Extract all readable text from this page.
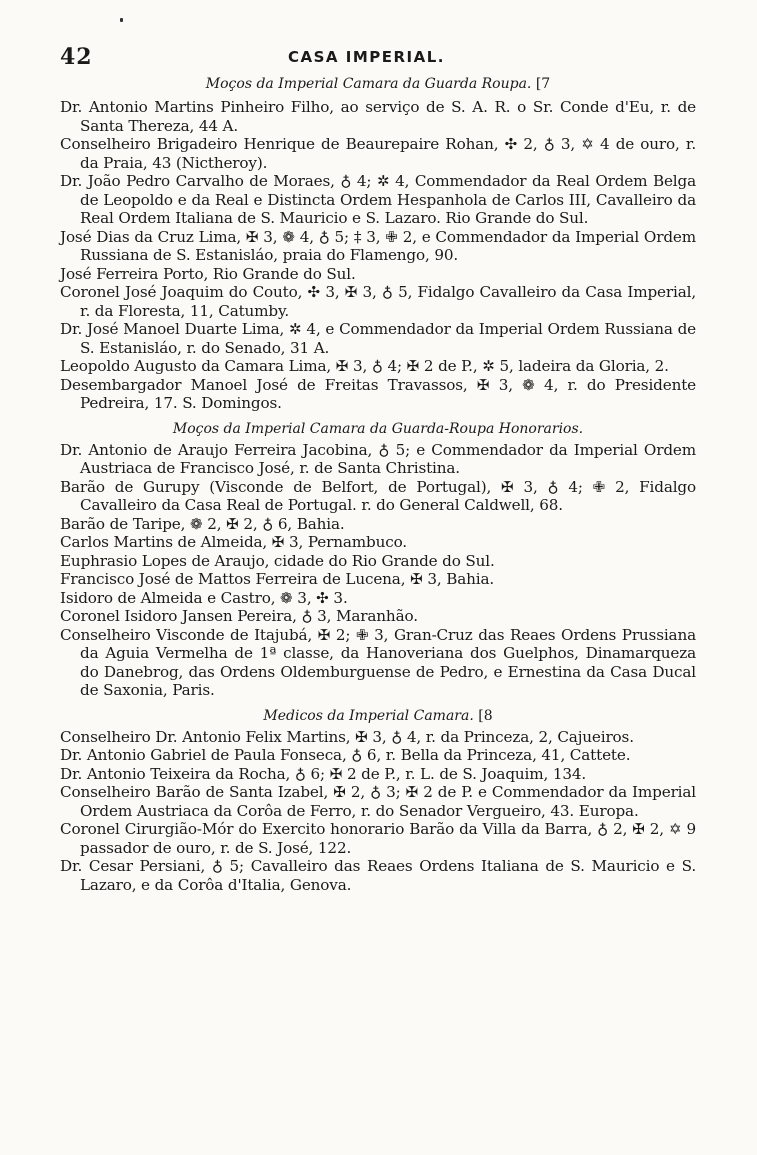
42	CASA IMPERIAL.

Moços da Imperial Camara da Guarda Roupa. [7

Dr. Antonio Martins Pinheiro Filho, ao serviço de S. A. R. o Sr. Conde d'Eu, r. de Santa Thereza, 44 A.

Conselheiro Brigadeiro Henrique de Beaurepaire Rohan, ✣ 2, ♁ 3, ✡ 4 de ouro, r. da Praia, 43 (Nictheroy).

Dr. João Pedro Carvalho de Moraes, ♁ 4; ✲ 4, Commendador da Real Ordem Belga de Leopoldo e da Real e Distincta Ordem Hespanhola de Carlos III, Cavalleiro da Real Ordem Italiana de S. Mauricio e S. Lazaro. Rio Grande do Sul.

José Dias da Cruz Lima, ✠ 3, ❁ 4, ♁ 5; ‡ 3, ✙ 2, e Commendador da Imperial Ordem Russiana de S. Estanisláo, praia do Flamengo, 90.

José Ferreira Porto, Rio Grande do Sul.

Coronel José Joaquim do Couto, ✣ 3, ✠ 3, ♁ 5, Fidalgo Cavalleiro da Casa Imperial, r. da Floresta, 11, Catumby.

Dr. José Manoel Duarte Lima, ✲ 4, e Commendador da Imperial Ordem Russiana de S. Estanisláo, r. do Senado, 31 A.

Leopoldo Augusto da Camara Lima, ✠ 3, ♁ 4; ✠ 2 de P., ✲ 5, ladeira da Gloria, 2.

Desembargador Manoel José de Freitas Travassos, ✠ 3, ❁ 4, r. do Presidente Pedreira, 17. S. Domingos.

Moços da Imperial Camara da Guarda-Roupa Honorarios.

Dr. Antonio de Araujo Ferreira Jacobina, ♁ 5; e Commendador da Imperial Ordem Austriaca de Francisco José, r. de Santa Christina.

Barão de Gurupy (Visconde de Belfort, de Portugal), ✠ 3, ♁ 4; ✙ 2, Fidalgo Cavalleiro da Casa Real de Portugal. r. do General Caldwell, 68.

Barão de Taripe, ❁ 2, ✠ 2, ♁ 6, Bahia.

Carlos Martins de Almeida, ✠ 3, Pernambuco.

Euphrasio Lopes de Araujo, cidade do Rio Grande do Sul.

Francisco José de Mattos Ferreira de Lucena, ✠ 3, Bahia.

Isidoro de Almeida e Castro, ❁ 3, ✣ 3.

Coronel Isidoro Jansen Pereira, ♁ 3, Maranhão.

Conselheiro Visconde de Itajubá, ✠ 2; ✙ 3, Gran-Cruz das Reaes Ordens Prussiana da Aguia Vermelha de 1ª classe, da Hanoveriana dos Guelphos, Dinamarqueza do Danebrog, das Ordens Oldemburguense de Pedro, e Ernestina da Casa Ducal de Saxonia, Paris.

Medicos da Imperial Camara. [8

Conselheiro Dr. Antonio Felix Martins, ✠ 3, ♁ 4, r. da Princeza, 2, Cajueiros.

Dr. Antonio Gabriel de Paula Fonseca, ♁ 6, r. Bella da Princeza, 41, Cattete.

Dr. Antonio Teixeira da Rocha, ♁ 6; ✠ 2 de P., r. L. de S. Joaquim, 134.

Conselheiro Barão de Santa Izabel, ✠ 2, ♁ 3; ✠ 2 de P. e Commendador da Imperial Ordem Austriaca da Corôa de Ferro, r. do Senador Vergueiro, 43. Europa.

Coronel Cirurgião-Mór do Exercito honorario Barão da Villa da Barra, ♁ 2, ✠ 2, ✡ 9 passador de ouro, r. de S. José, 122.

Dr. Cesar Persiani, ♁ 5; Cavalleiro das Reaes Ordens Italiana de S. Mauricio e S. Lazaro, e da Corôa d'Italia, Genova.
